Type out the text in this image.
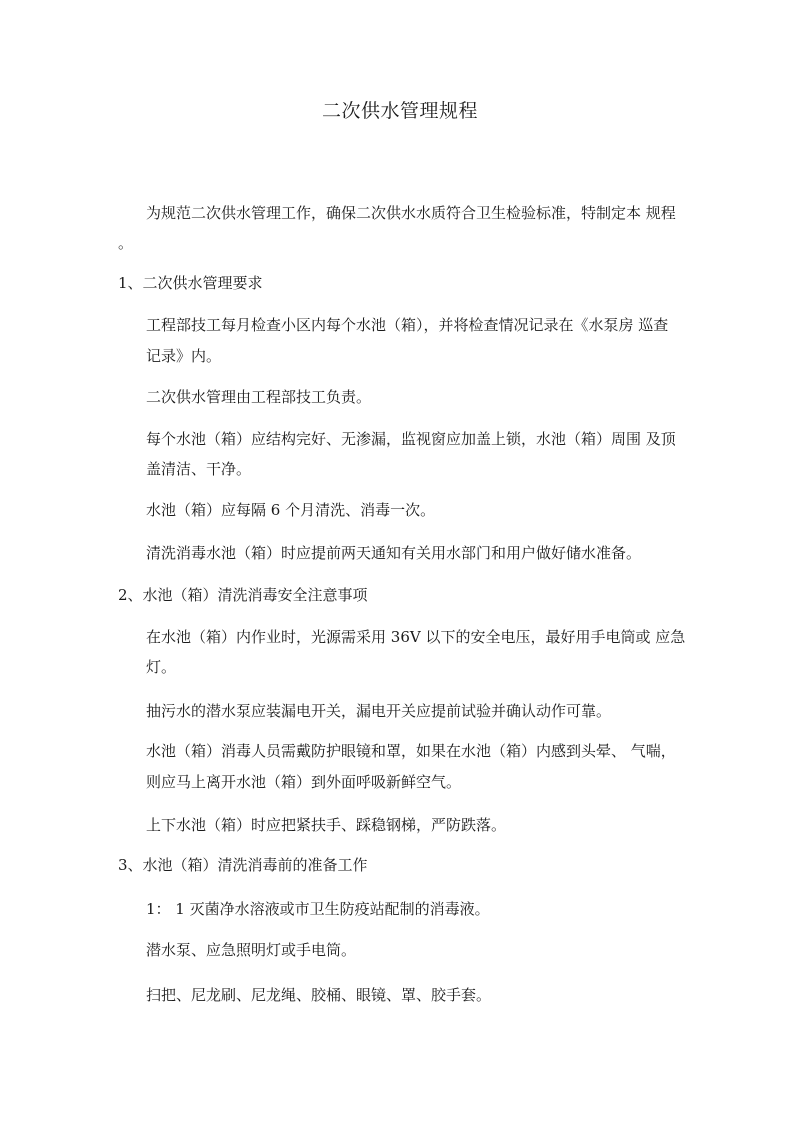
二次供水管理规程
为规范二次供水管理工作，确保二次供水水质符合卫生检验标准，特制定本 规程
。
1、二次供水管理要求
工程部技工每月检查小区内每个水池（箱），并将检查情况记录在《水泵房 巡查
记录》内。
二次供水管理由工程部技工负责。
每个水池（箱）应结构完好、无渗漏，监视窗应加盖上锁，水池（箱）周围 及顶
盖清洁、干净。
水池（箱）应每隔 6 个月清洗、消毒一次。
清洗消毒水池（箱）时应提前两天通知有关用水部门和用户做好储水准备。
2、水池（箱）清洗消毒安全注意事项
在水池（箱）内作业时，光源需采用 36V 以下的安全电压，最好用手电筒或 应急
灯。
抽污水的潜水泵应装漏电开关，漏电开关应提前试验并确认动作可靠。
水池（箱）消毒人员需戴防护眼镜和罩，如果在水池（箱）内感到头晕、 气喘，
则应马上离开水池（箱）到外面呼吸新鲜空气。
上下水池（箱）时应把紧扶手、踩稳钢梯，严防跌落。
3、水池（箱）清洗消毒前的准备工作
1： 1 灭菌净水溶液或市卫生防疫站配制的消毒液。
潜水泵、应急照明灯或手电筒。
扫把、尼龙刷、尼龙绳、胶桶、眼镜、罩、胶手套。
